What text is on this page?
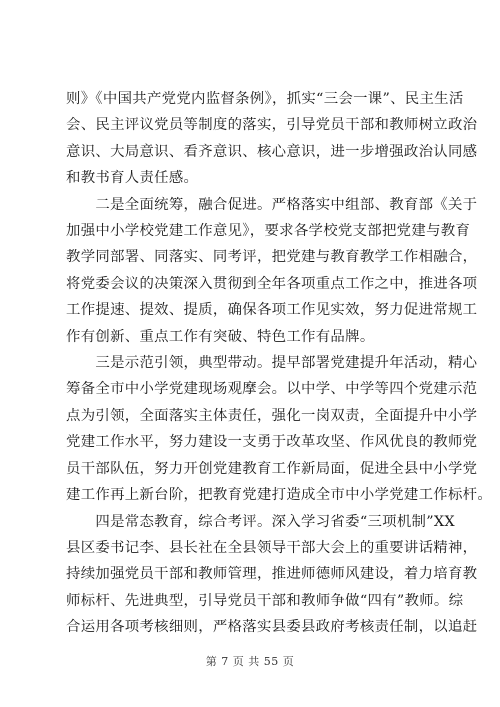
则》《中国共产党党内监督条例》，抓实“三会一课”、民主生活
会、民主评议党员等制度的落实，引导党员干部和教师树立政治
意识、大局意识、看齐意识、核心意识，进一步增强政治认同感
和教书育人责任感。

　　二是全面统筹，融合促进。严格落实中组部、教育部《关于
加强中小学校党建工作意见》，要求各学校党支部把党建与教育
教学同部署、同落实、同考评，把党建与教育教学工作相融合，
将党委会议的决策深入贯彻到全年各项重点工作之中，推进各项
工作提速、提效、提质，确保各项工作见实效，努力促进常规工
作有创新、重点工作有突破、特色工作有品牌。

　　三是示范引领，典型带动。提早部署党建提升年活动，精心
筹备全市中小学党建现场观摩会。以中学、中学等四个党建示范
点为引领，全面落实主体责任，强化一岗双责，全面提升中小学
党建工作水平，努力建设一支勇于改革攻坚、作风优良的教师党
员干部队伍，努力开创党建教育工作新局面，促进全县中小学党
建工作再上新台阶，把教育党建打造成全市中小学党建工作标杆。

　　四是常态教育，综合考评。深入学习省委“三项机制”XX
县区委书记李、县长社在全县领导干部大会上的重要讲话精神，
持续加强党员干部和教师管理，推进师德师风建设，着力培育教
师标杆、先进典型，引导党员干部和教师争做“四有”教师。综
合运用各项考核细则，严格落实县委县政府考核责任制，以追赶

第 7 页 共 55 页
